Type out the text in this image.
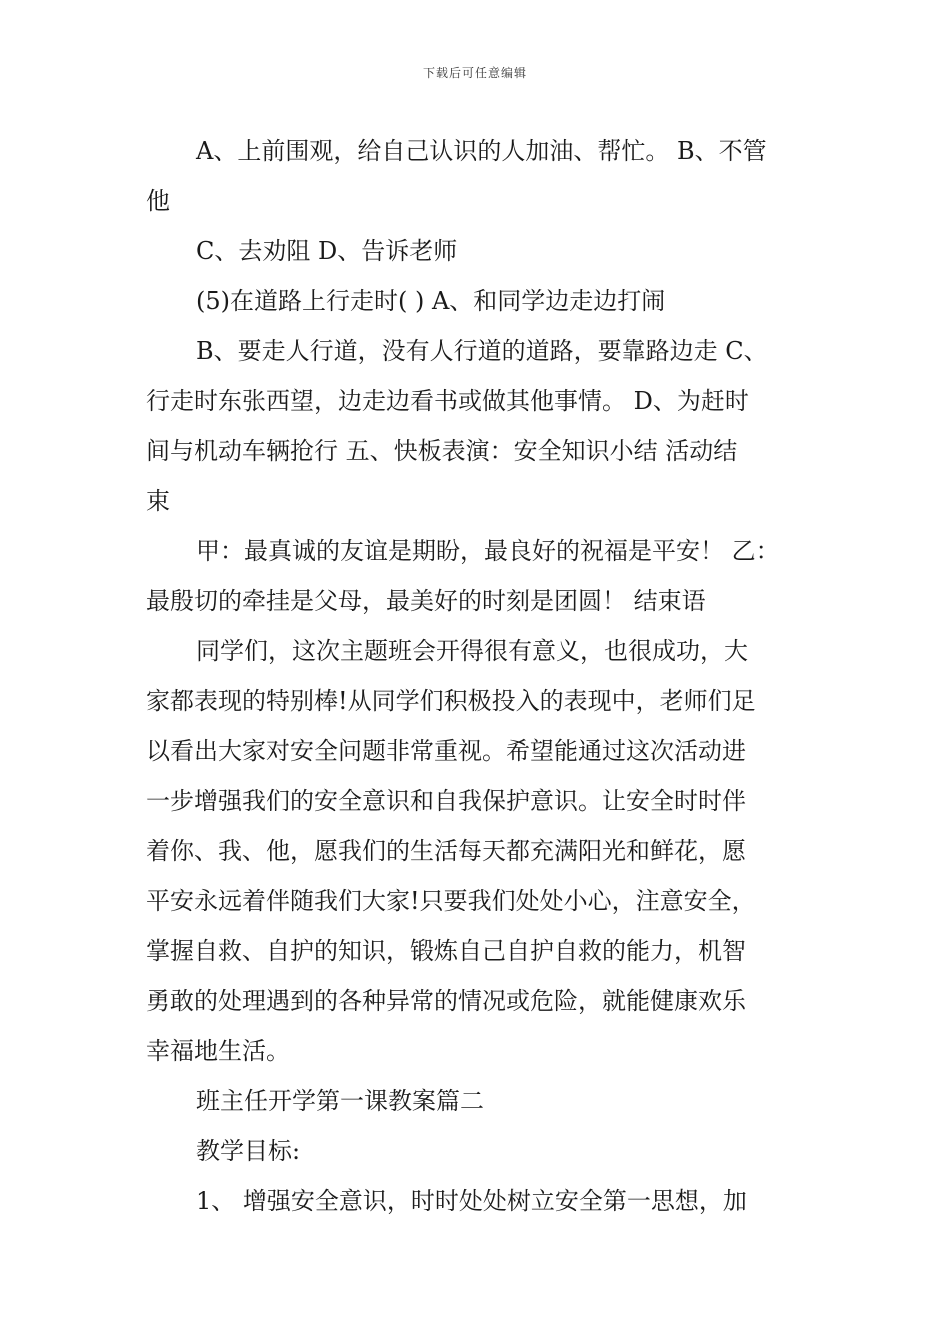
下载后可任意编辑
A、上前围观，给自己认识的人加油、帮忙。 B、不管
他
C、去劝阻 D、告诉老师
(5)在道路上行走时( ) A、和同学边走边打闹
B、要走人行道，没有人行道的道路，要靠路边走 C、
行走时东张西望，边走边看书或做其他事情。 D、为赶时
间与机动车辆抢行 五、快板表演：安全知识小结 活动结
束
甲：最真诚的友谊是期盼，最良好的祝福是平安！ 乙：
最殷切的牵挂是父母，最美好的时刻是团圆！ 结束语
同学们，这次主题班会开得很有意义，也很成功，大
家都表现的特别棒!从同学们积极投入的表现中，老师们足
以看出大家对安全问题非常重视。希望能通过这次活动进
一步增强我们的安全意识和自我保护意识。让安全时时伴
着你、我、他，愿我们的生活每天都充满阳光和鲜花，愿
平安永远着伴随我们大家!只要我们处处小心，注意安全，
掌握自救、自护的知识，锻炼自己自护自救的能力，机智
勇敢的处理遇到的各种异常的情况或危险，就能健康欢乐
幸福地生活。
班主任开学第一课教案篇二
教学目标:
1、 增强安全意识，时时处处树立安全第一思想，加
